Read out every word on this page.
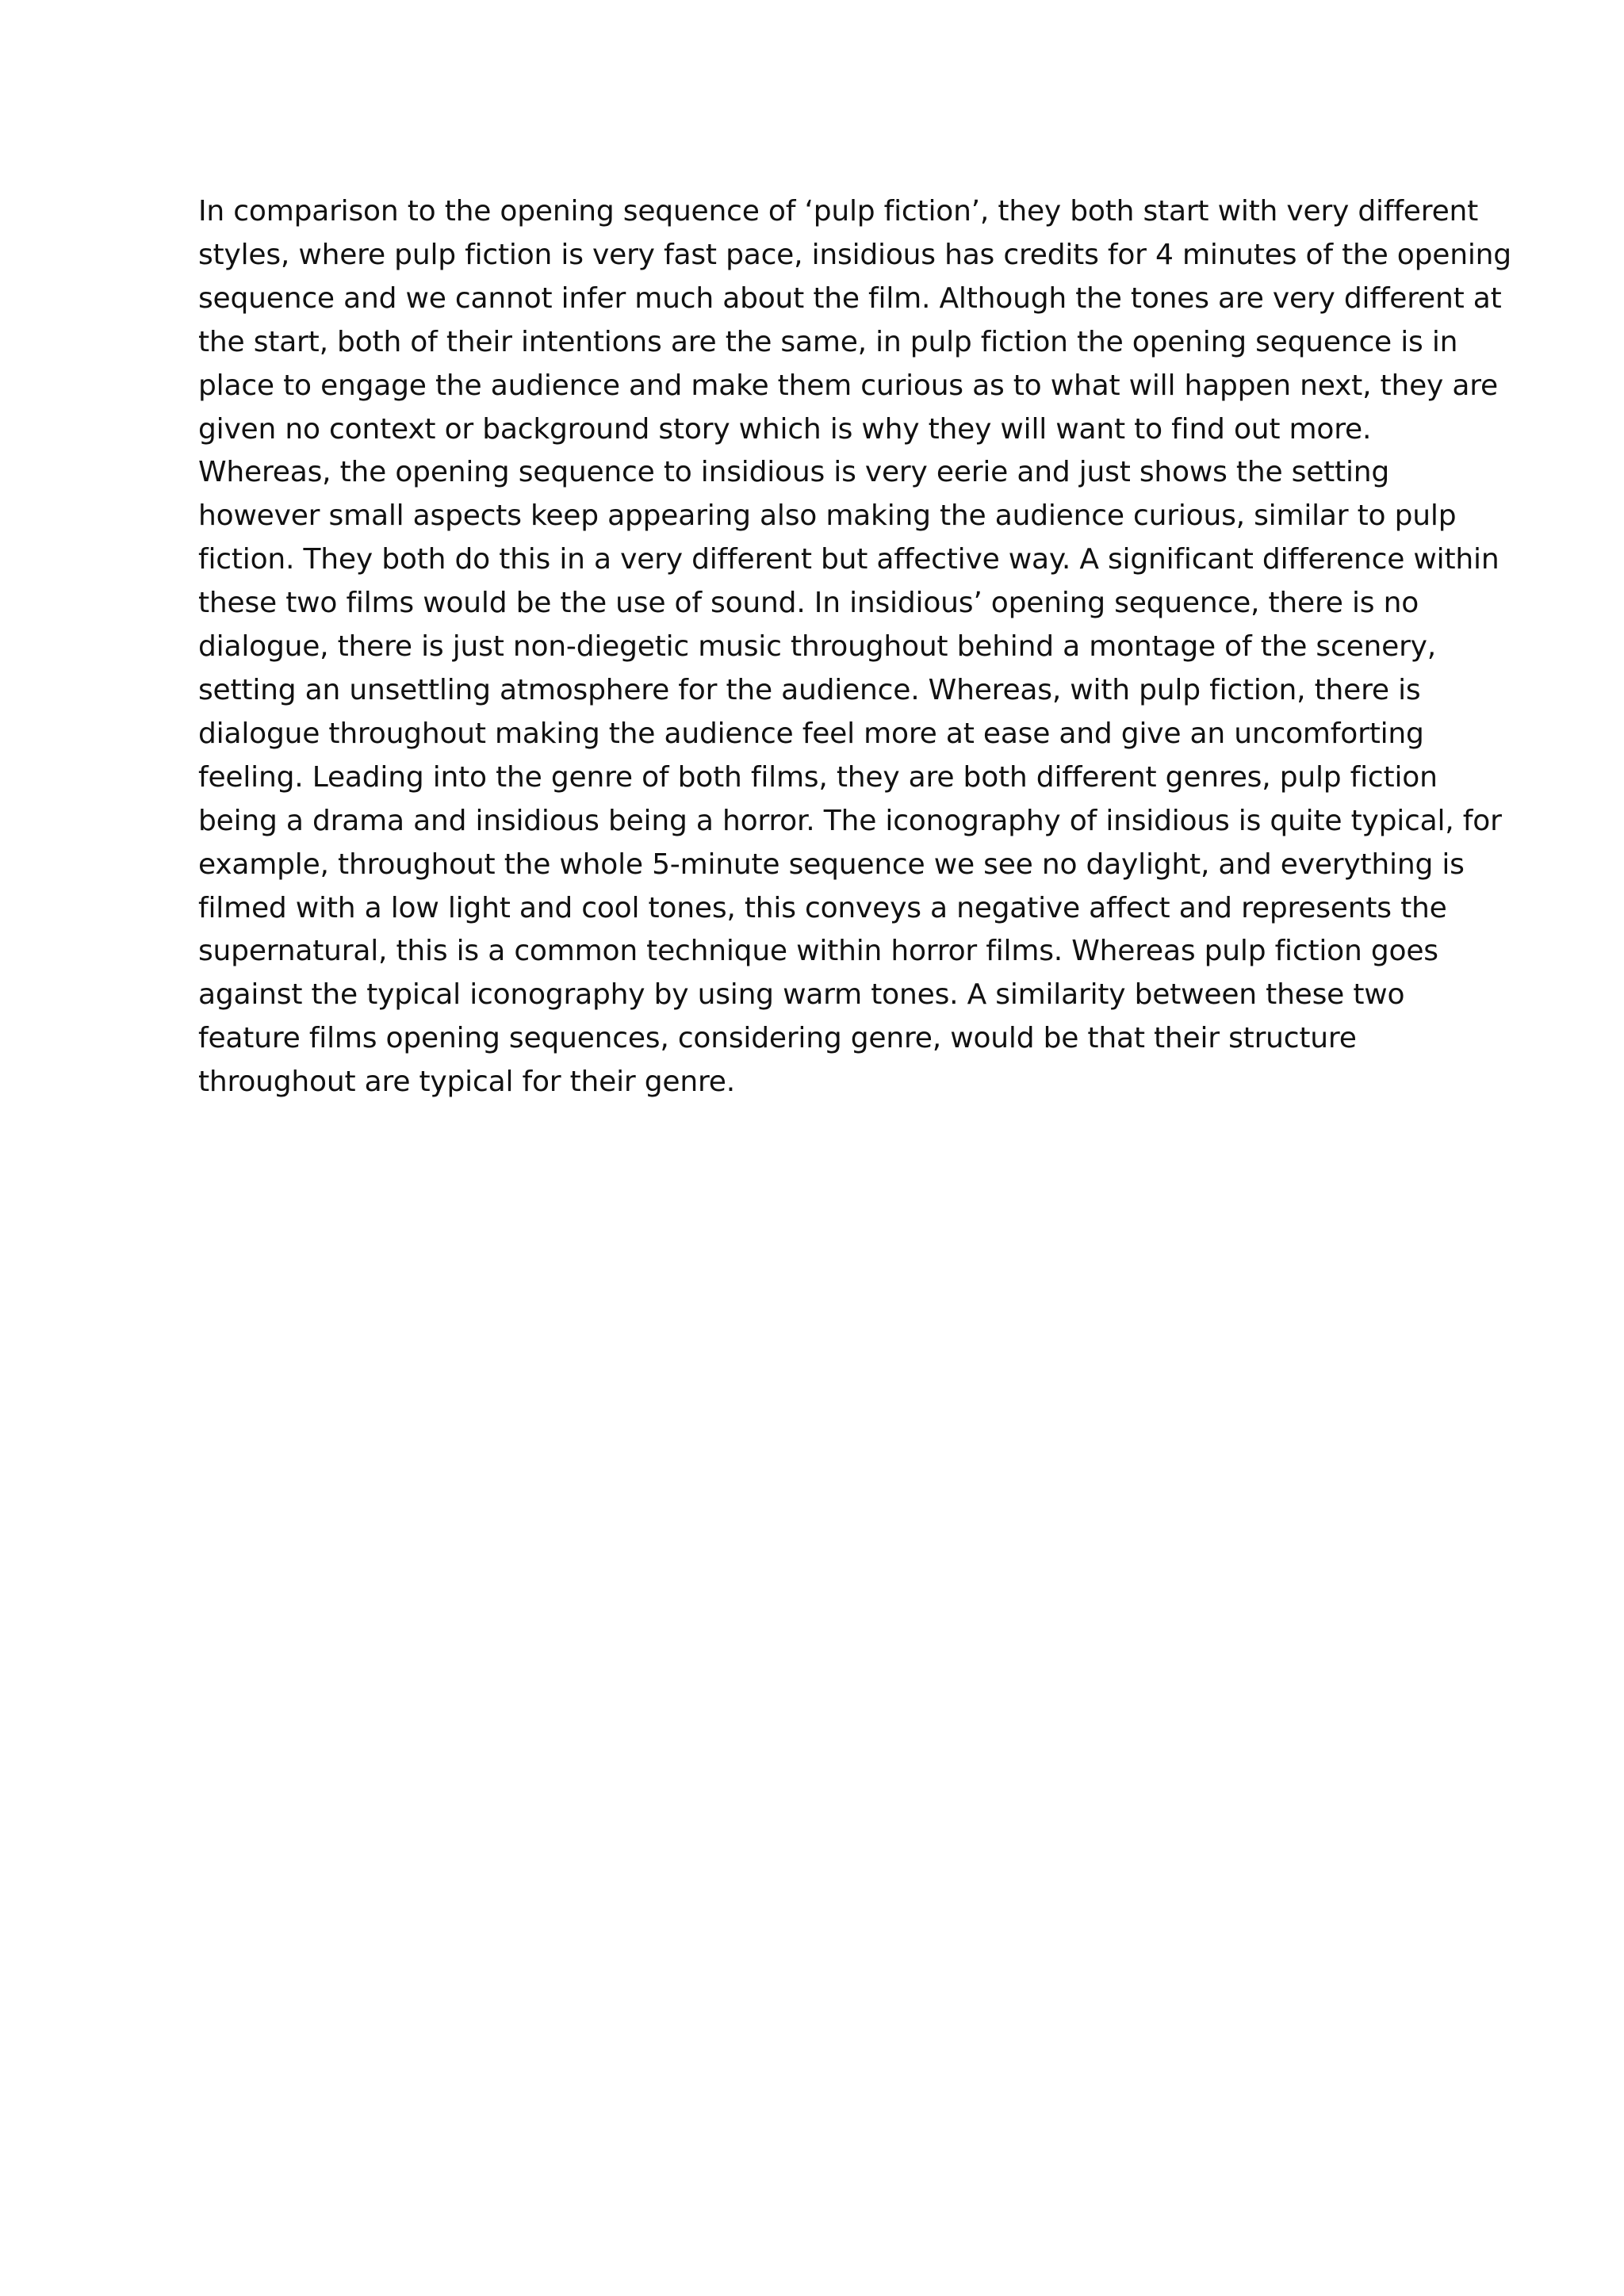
In comparison to the opening sequence of ‘pulp fiction’, they both start with very different
styles, where pulp fiction is very fast pace, insidious has credits for 4 minutes of the opening
sequence and we cannot infer much about the film. Although the tones are very different at
the start, both of their intentions are the same, in pulp fiction the opening sequence is in
place to engage the audience and make them curious as to what will happen next, they are
given no context or background story which is why they will want to find out more.
Whereas, the opening sequence to insidious is very eerie and just shows the setting
however small aspects keep appearing also making the audience curious, similar to pulp
fiction. They both do this in a very different but affective way. A significant difference within
these two films would be the use of sound. In insidious’ opening sequence, there is no
dialogue, there is just non-diegetic music throughout behind a montage of the scenery,
setting an unsettling atmosphere for the audience. Whereas, with pulp fiction, there is
dialogue throughout making the audience feel more at ease and give an uncomforting
feeling. Leading into the genre of both films, they are both different genres, pulp fiction
being a drama and insidious being a horror. The iconography of insidious is quite typical, for
example, throughout the whole 5-minute sequence we see no daylight, and everything is
filmed with a low light and cool tones, this conveys a negative affect and represents the
supernatural, this is a common technique within horror films. Whereas pulp fiction goes
against the typical iconography by using warm tones. A similarity between these two
feature films opening sequences, considering genre, would be that their structure
throughout are typical for their genre.
